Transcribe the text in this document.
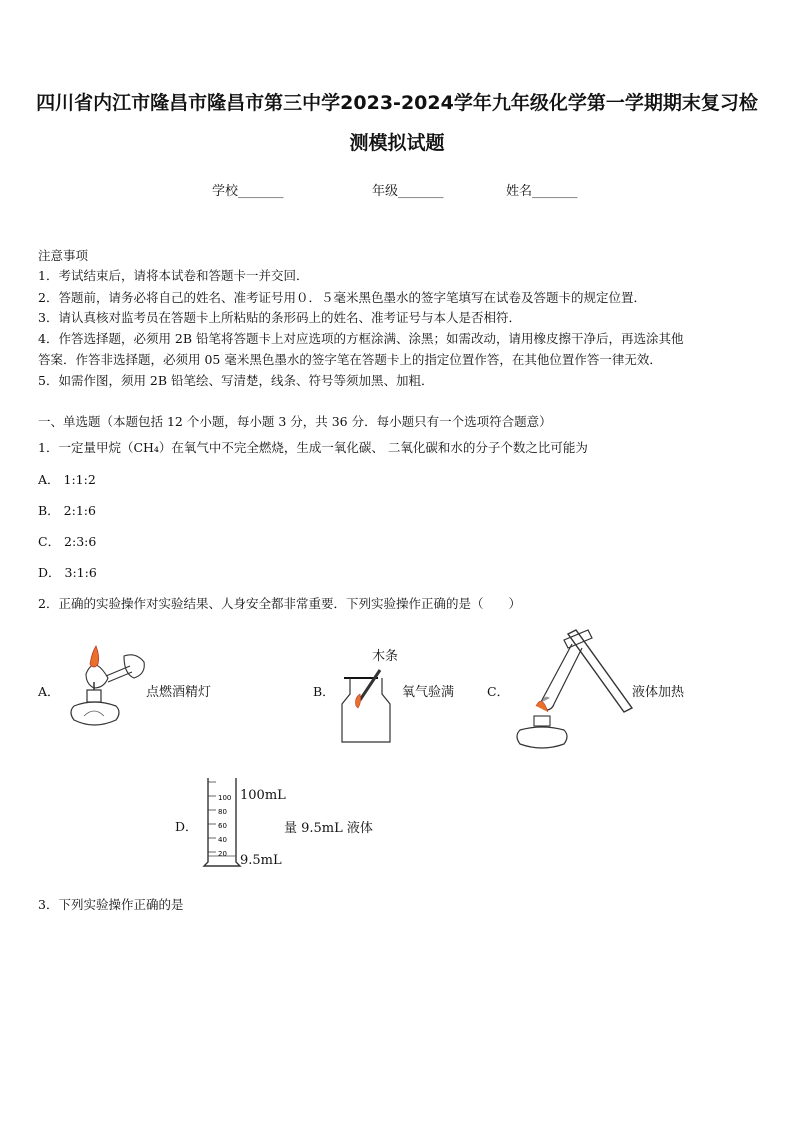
四川省内江市隆昌市隆昌市第三中学2023-2024学年九年级化学第一学期期末复习检
测模拟试题
学校_______	年级_______	姓名_______
注意事项
1．考试结束后，请将本试卷和答题卡一并交回．
2．答题前，请务必将自己的姓名、准考证号用０．５毫米黑色墨水的签字笔填写在试卷及答题卡的规定位置．
3．请认真核对监考员在答题卡上所粘贴的条形码上的姓名、准考证号与本人是否相符．
4．作答选择题，必须用 2B 铅笔将答题卡上对应选项的方框涂满、涂黑；如需改动，请用橡皮擦干净后，再选涂其他
答案．作答非选择题，必须用 05 毫米黑色墨水的签字笔在答题卡上的指定位置作答，在其他位置作答一律无效．
5．如需作图，须用 2B 铅笔绘、写清楚，线条、符号等须加黑、加粗．
一、单选题（本题包括 12 个小题，每小题 3 分，共 36 分．每小题只有一个选项符合题意）
1．一定量甲烷（CH₄）在氧气中不完全燃烧，生成一氧化碳、 二氧化碳和水的分子个数之比可能为
A． 1:1:2
B． 2:1:6
C． 2:3:6
D． 3:1:6
2．正确的实验操作对实验结果、人身安全都非常重要．下列实验操作正确的是（　　）
A．	点燃酒精灯	B．
木条
氧气验满	C．	液体加热
D．
100
80
60
40
20
100mL
量 9.5mL 液体
9.5mL
3．下列实验操作正确的是
